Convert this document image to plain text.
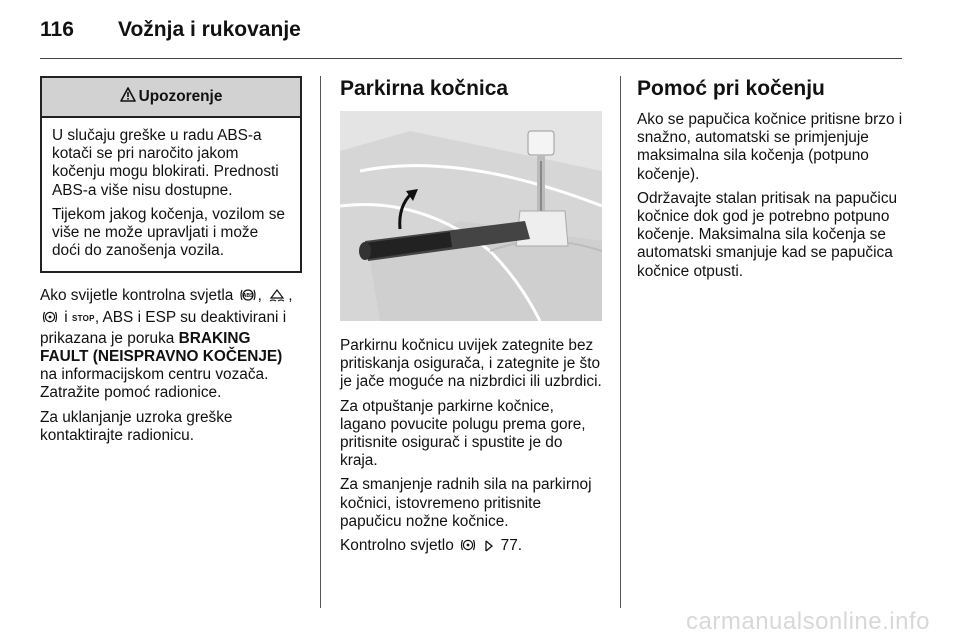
116 Vožnja i rukovanje
Upozorenje

U slučaju greške u radu ABS-a kotači se pri naročito jakom kočenju mogu blokirati. Prednosti ABS-a više nisu dostupne.

Tijekom jakog kočenja, vozilom se više ne može upravljati i može doći do zanošenja vozila.

Ako svijetle kontrolna svjetla ABS , ,
i STOP, ABS i ESP su deaktivirani i prikazana je poruka BRAKING FAULT (NEISPRAVNO KOČENJE) na informacijskom centru vozača. Zatražite pomoć radionice.

Za uklanjanje uzroka greške kontaktirajte radionicu.

Parkirna kočnica

Parkirnu kočnicu uvijek zategnite bez pritiskanja osigurača, i zategnite je što je jače moguće na nizbrdici ili uzbrdici.

Za otpuštanje parkirne kočnice, lagano povucite polugu prema gore, pritisnite osigurač i spustite je do kraja.

Za smanjenje radnih sila na parkirnoj kočnici, istovremeno pritisnite papučicu nožne kočnice.

Kontrolno svjetlo	77.

Pomoć pri kočenju

Ako se papučica kočnice pritisne brzo i snažno, automatski se primjenjuje maksimalna sila kočenja (potpuno kočenje).

Održavajte stalan pritisak na papučicu kočnice dok god je potrebno potpuno kočenje. Maksimalna sila kočenja se automatski smanjuje kad se papučica kočnice otpusti.

carmanualsonline.info
